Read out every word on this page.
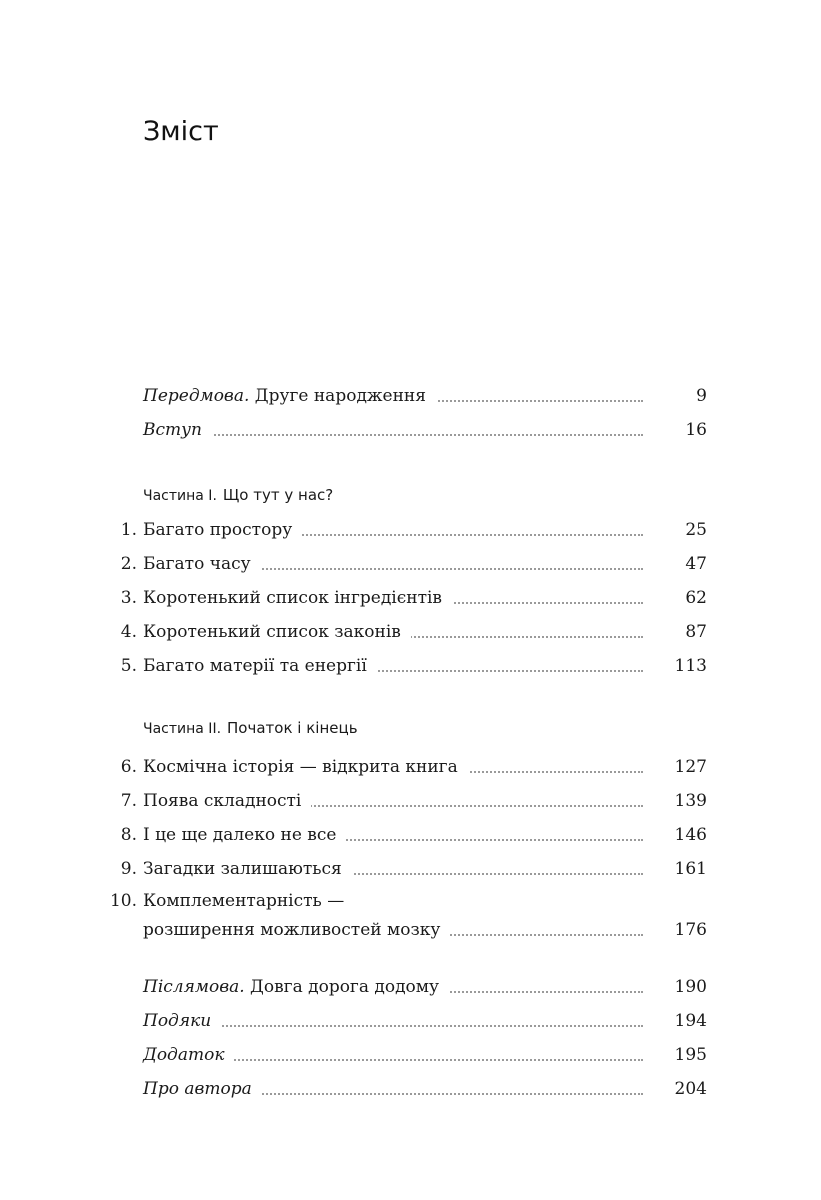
Зміст
Передмова. Друге народження	9
Вступ	16
Частина I. Що тут у нас?
1. Багато простору	25
2. Багато часу	47
3. Коротенький список інгредієнтів	62
4. Коротенький список законів	87
5. Багато матерії та енергії	113
Частина II. Початок і кінець
6. Космічна історія — відкрита книга	127
7. Поява складності	139
8. І це ще далеко не все	146
9. Загадки залишаються	161
10. Комплементарність —
розширення можливостей мозку	176
Післямова. Довга дорога додому	190
Подяки	194
Додаток	195
Про автора	204
